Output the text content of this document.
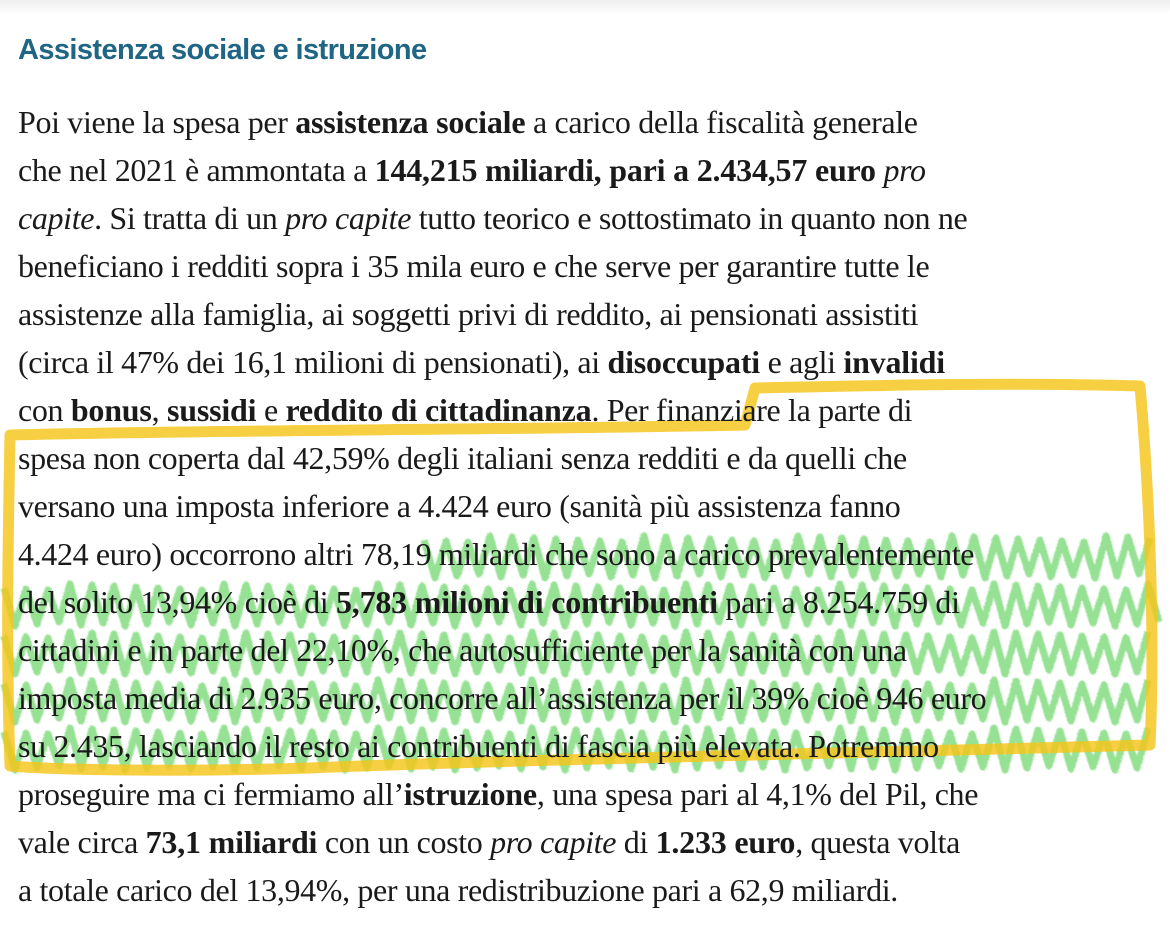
Assistenza sociale e istruzione
Poi viene la spesa per assistenza sociale a carico della fiscalità generale
che nel 2021 è ammontata a 144,215 miliardi, pari a 2.434,57 euro pro
capite. Si tratta di un pro capite tutto teorico e sottostimato in quanto non ne
beneficiano i redditi sopra i 35 mila euro e che serve per garantire tutte le
assistenze alla famiglia, ai soggetti privi di reddito, ai pensionati assistiti
(circa il 47% dei 16,1 milioni di pensionati), ai disoccupati e agli invalidi
con bonus, sussidi e reddito di cittadinanza. Per finanziare la parte di
spesa non coperta dal 42,59% degli italiani senza redditi e da quelli che
versano una imposta inferiore a 4.424 euro (sanità più assistenza fanno
4.424 euro) occorrono altri 78,19 miliardi che sono a carico prevalentemente
del solito 13,94% cioè di 5,783 milioni di contribuenti pari a 8.254.759 di
cittadini e in parte del 22,10%, che autosufficiente per la sanità con una
imposta media di 2.935 euro, concorre all’assistenza per il 39% cioè 946 euro
su 2.435, lasciando il resto ai contribuenti di fascia più elevata. Potremmo
proseguire ma ci fermiamo all’istruzione, una spesa pari al 4,1% del Pil, che
vale circa 73,1 miliardi con un costo pro capite di 1.233 euro, questa volta
a totale carico del 13,94%, per una redistribuzione pari a 62,9 miliardi.
